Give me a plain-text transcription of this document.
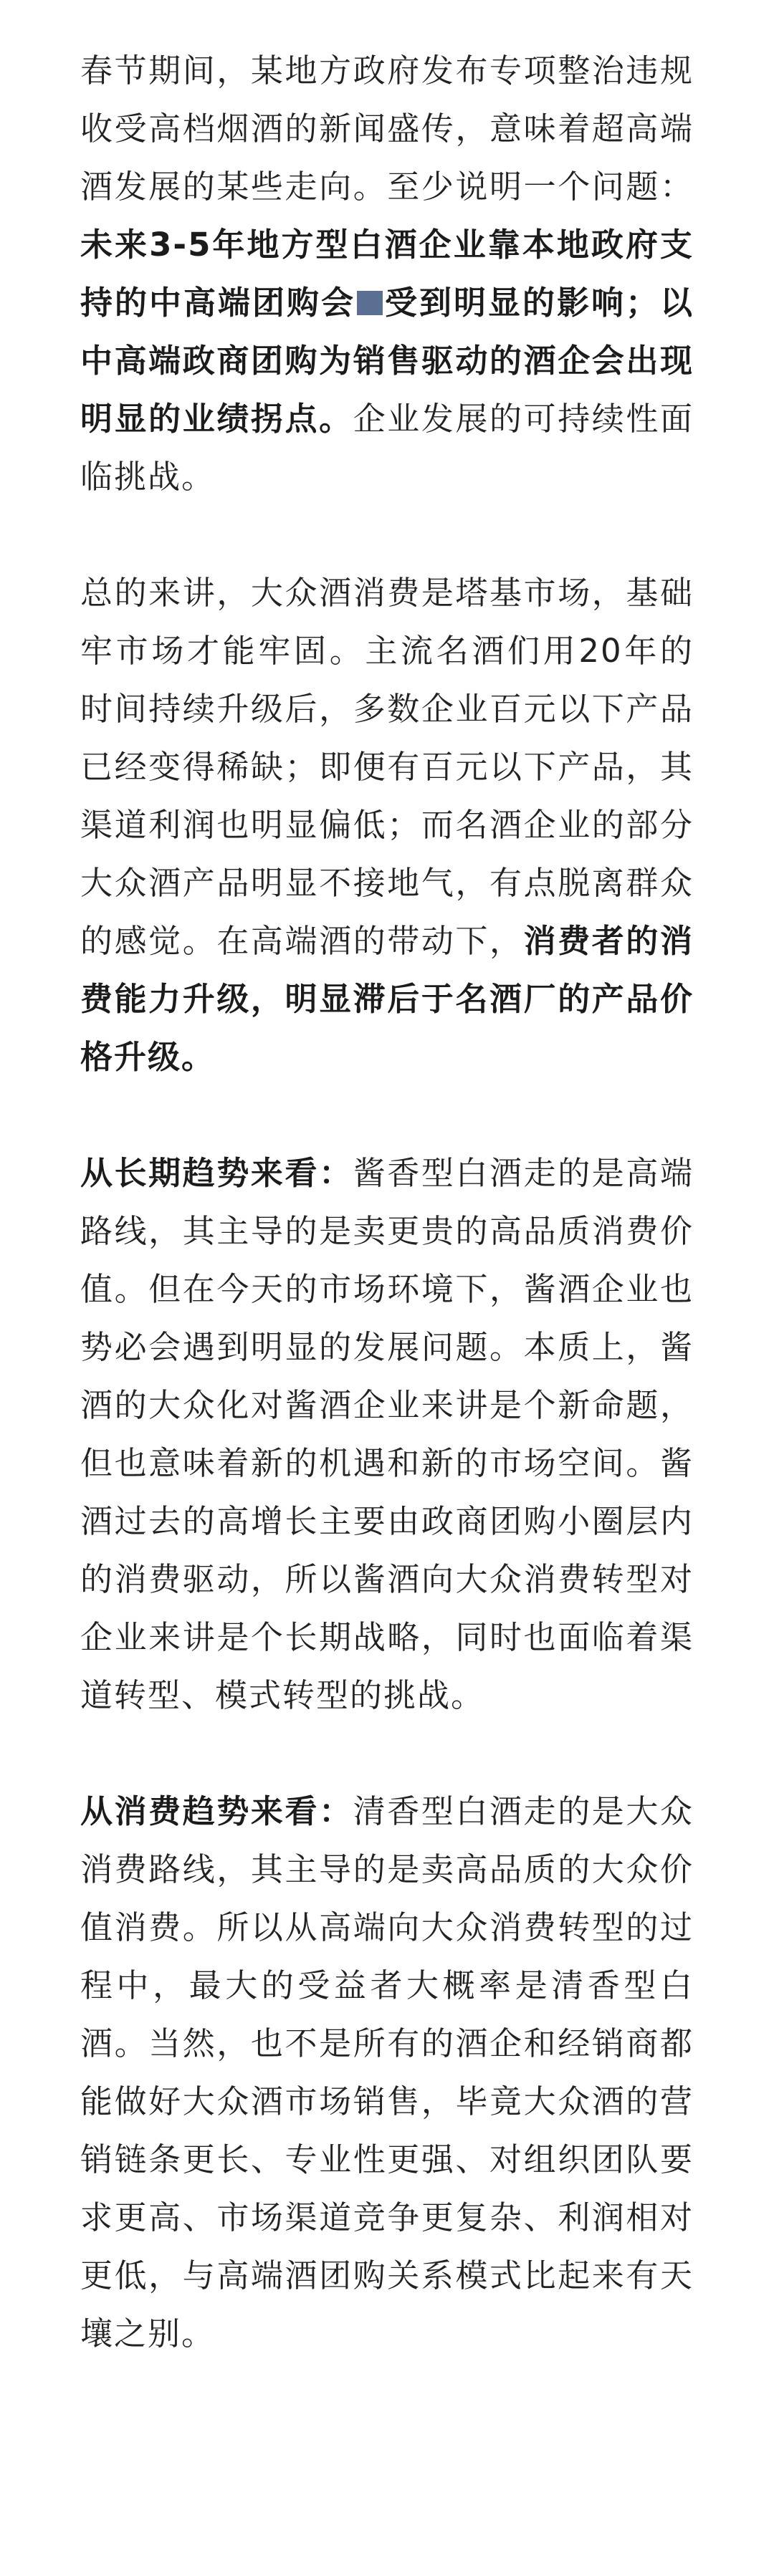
春节期间，某地方政府发布专项整治违规收受高档烟酒的新闻盛传，意味着超高端酒发展的某些走向。至少说明一个问题：未来3-5年地方型白酒企业靠本地政府支持的中高端团购会 受到明显的影响；以中高端政商团购为销售驱动的酒企会出现明显的业绩拐点。企业发展的可持续性面临挑战。

总的来讲，大众酒消费是塔基市场，基础牢市场才能牢固。主流名酒们用20年的时间持续升级后，多数企业百元以下产品已经变得稀缺；即便有百元以下产品，其渠道利润也明显偏低；而名酒企业的部分大众酒产品明显不接地气，有点脱离群众的感觉。在高端酒的带动下，消费者的消费能力升级，明显滞后于名酒厂的产品价格升级。

从长期趋势来看：酱香型白酒走的是高端路线，其主导的是卖更贵的高品质消费价值。但在今天的市场环境下，酱酒企业也势必会遇到明显的发展问题。本质上，酱酒的大众化对酱酒企业来讲是个新命题，但也意味着新的机遇和新的市场空间。酱酒过去的高增长主要由政商团购小圈层内的消费驱动，所以酱酒向大众消费转型对企业来讲是个长期战略，同时也面临着渠道转型、模式转型的挑战。

从消费趋势来看：清香型白酒走的是大众消费路线，其主导的是卖高品质的大众价值消费。所以从高端向大众消费转型的过程中，最大的受益者大概率是清香型白酒。当然，也不是所有的酒企和经销商都能做好大众酒市场销售，毕竟大众酒的营销链条更长、专业性更强、对组织团队要求更高、市场渠道竞争更复杂、利润相对更低，与高端酒团购关系模式比起来有天壤之别。
